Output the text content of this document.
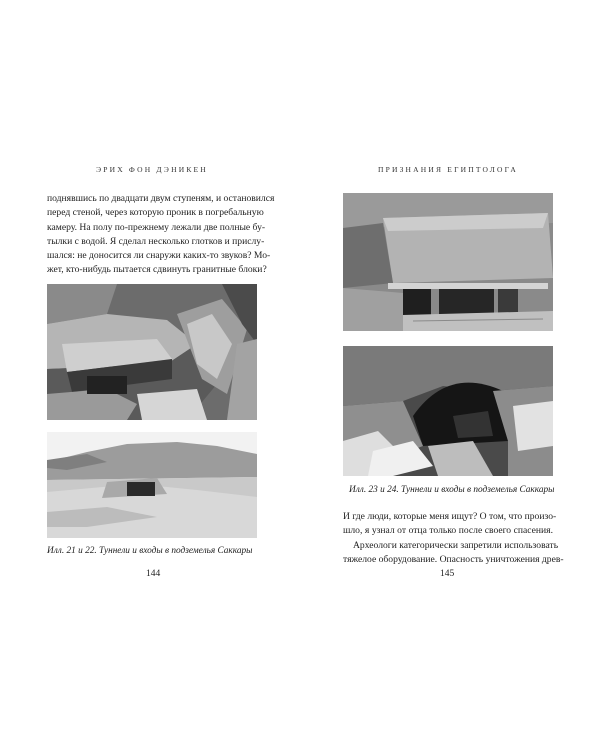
ЭРИХ ФОН ДЭНИКЕН
поднявшись по двадцати двум ступеням, и остановился
перед стеной, через которую проник в погребальную
камеру. На полу по-прежнему лежали две полные бу-
тылки с водой. Я сделал несколько глотков и прислу-
шался: не доносится ли снаружи каких-то звуков? Мо-
жет, кто-нибудь пытается сдвинуть гранитные блоки?
Илл. 21 и 22. Туннели и входы в подземелья Саккары
144
ПРИЗНАНИЯ ЕГИПТОЛОГА
Илл. 23 и 24. Туннели и входы в подземелья Саккары
И где люди, которые меня ищут? О том, что произо-
шло, я узнал от отца только после своего спасения.
Археологи категорически запретили использовать
тяжелое оборудование. Опасность уничтожения древ-
145
